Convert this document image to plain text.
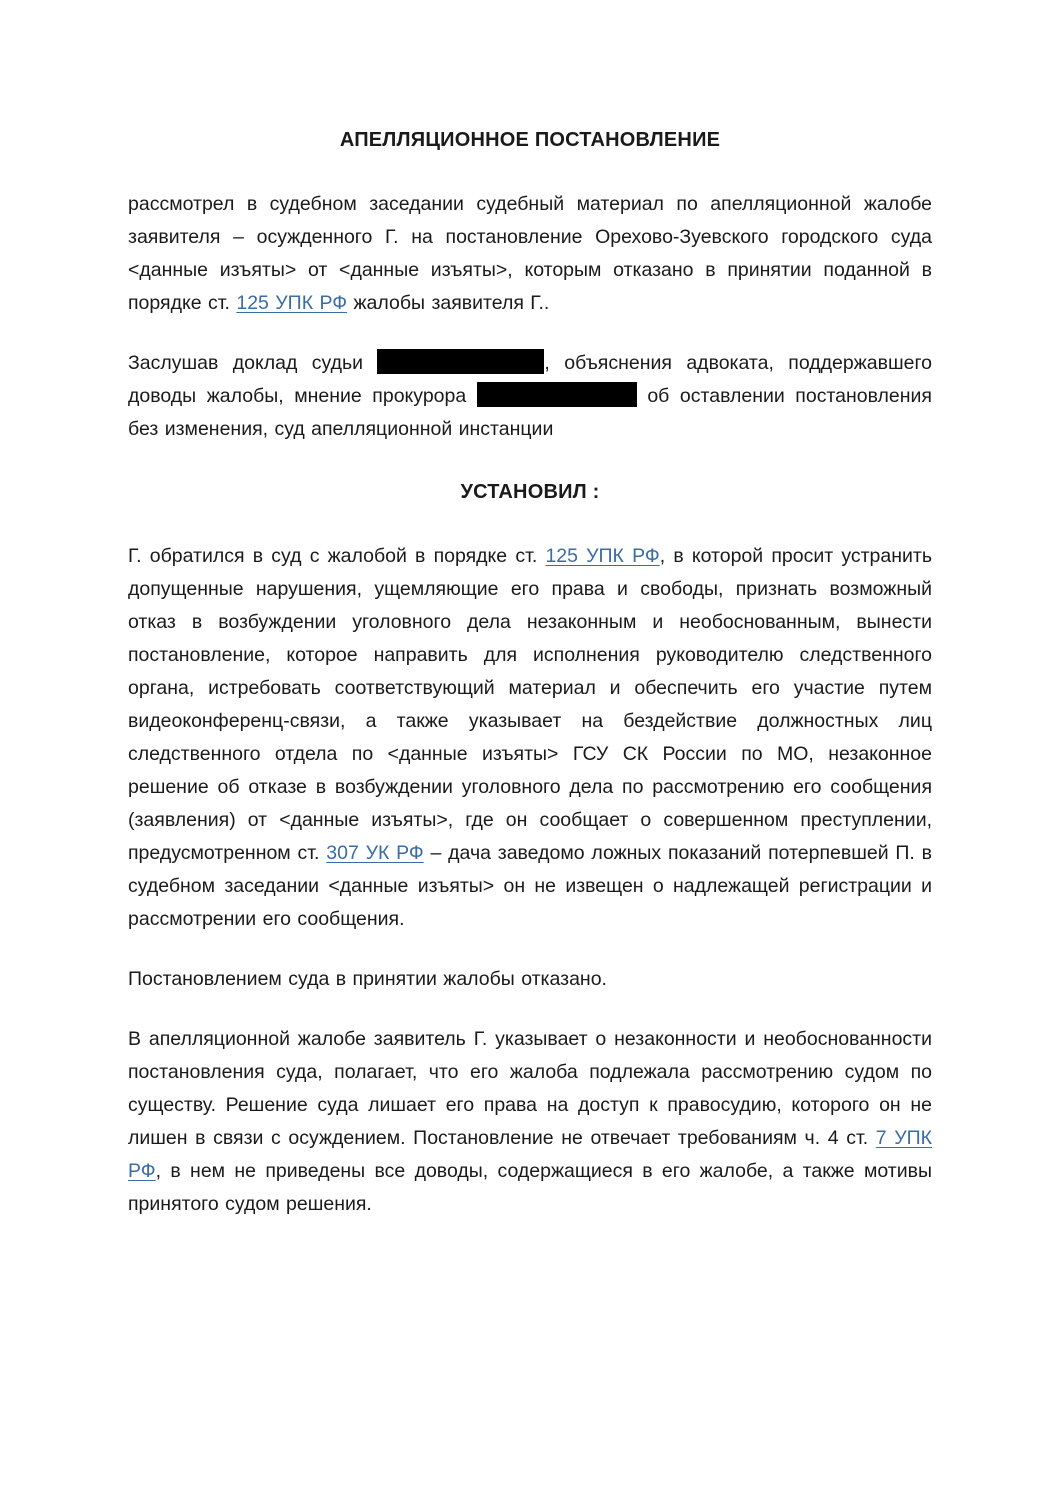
АПЕЛЛЯЦИОННОЕ ПОСТАНОВЛЕНИЕ

рассмотрел в судебном заседании судебный материал по апелляционной жалобе заявителя – осужденного Г. на постановление Орехово-Зуевского городского суда <данные изъяты> от <данные изъяты>, которым отказано в принятии поданной в порядке ст. 125 УПК РФ жалобы заявителя Г..

Заслушав доклад судьи	, объяснения адвоката, поддержавшего доводы жалобы, мнение прокурора	об оставлении постановления без изменения, суд апелляционной инстанции

УСТАНОВИЛ :

Г. обратился в суд с жалобой в порядке ст. 125 УПК РФ, в которой просит устранить допущенные нарушения, ущемляющие его права и свободы, признать возможный отказ в возбуждении уголовного дела незаконным и необоснованным, вынести постановление, которое направить для исполнения руководителю следственного органа, истребовать соответствующий материал и обеспечить его участие путем видеоконференц-связи, а также указывает на бездействие должностных лиц следственного отдела по <данные изъяты> ГСУ СК России по МО, незаконное решение об отказе в возбуждении уголовного дела по рассмотрению его сообщения (заявления) от <данные изъяты>, где он сообщает о совершенном преступлении, предусмотренном ст. 307 УК РФ – дача заведомо ложных показаний потерпевшей П. в судебном заседании <данные изъяты> он не извещен о надлежащей регистрации и рассмотрении его сообщения.

Постановлением суда в принятии жалобы отказано.

В апелляционной жалобе заявитель Г. указывает о незаконности и необоснованности постановления суда, полагает, что его жалоба подлежала рассмотрению судом по существу. Решение суда лишает его права на доступ к правосудию, которого он не лишен в связи с осуждением. Постановление не отвечает требованиям ч. 4 ст. 7 УПК РФ, в нем не приведены все доводы, содержащиеся в его жалобе, а также мотивы принятого судом решения.
